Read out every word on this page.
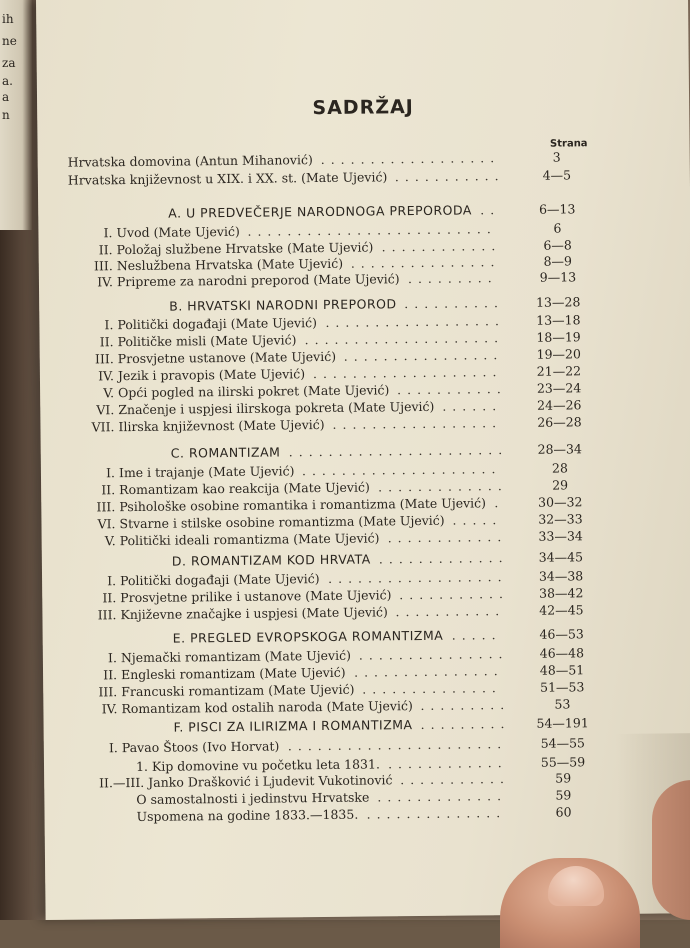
ih
ne
za
a.
a
n	SADRŽAJ
Strana
Hrvatska domovina (Antun Mihanović)	3
..................
Hrvatska književnost u XIX. i XX. st. (Mate Ujević)	4—5
...........
A. U PREDVEČERJE NARODNOGA PREPORODA	6—13
..
I. Uvod (Mate Ujević)	6
.........................
II. Položaj službene Hrvatske (Mate Ujević)	6—8
............
III. Neslužbena Hrvatska (Mate Ujević)	8—9
...............
IV. Pripreme za narodni preporod (Mate Ujević)	9—13
.........
B. HRVATSKI NARODNI PREPOROD	13—28
..........
I. Politički događaji (Mate Ujević)	13—18
..................
II. Političke misli (Mate Ujević)	18—19
....................
III. Prosvjetne ustanove (Mate Ujević)	19—20
................
IV. Jezik i pravopis (Mate Ujević)	21—22
...................
V. Opći pogled na ilirski pokret (Mate Ujević)	23—24
...........
VI. Značenje i uspjesi ilirskoga pokreta (Mate Ujević)	24—26
......
VII. Ilirska književnost (Mate Ujević)	26—28
.................
C. ROMANTIZAM	28—34
......................
I. Ime i trajanje (Mate Ujević)	28
....................
II. Romantizam kao reakcija (Mate Ujević)	29
.............
III. Psihološke osobine romantika i romantizma (Mate Ujević)	30—32
.
VI. Stvarne i stilske osobine romantizma (Mate Ujević)	32—33
.....
V. Politički ideali romantizma (Mate Ujević)	33—34
............
D. ROMANTIZAM KOD HRVATA	34—45
.............
I. Politički događaji (Mate Ujević)	34—38
..................
II. Prosvjetne prilike i ustanove (Mate Ujević)	38—42
...........
III. Književne značajke i uspjesi (Mate Ujević)	42—45
...........
E. PREGLED EVROPSKOGA ROMANTIZMA	46—53
.....
I. Njemački romantizam (Mate Ujević)	46—48
...............
II. Engleski romantizam (Mate Ujević)	48—51
...............
III. Francuski romantizam (Mate Ujević)	51—53
..............
IV. Romantizam kod ostalih naroda (Mate Ujević)	53
.........
F. PISCI ZA ILIRIZMA I ROMANTIZMA	54—191
.........
I. Pavao Štoos (Ivo Horvat)	54—55
......................
1. Kip domovine vu početku leta 1831.	55—59
............
II.—III. Janko Drašković i Ljudevit Vukotinović	59
...........
O samostalnosti i jedinstvu Hrvatske	59
.............
Uspomena na godine 1833.—1835.	60
..............
